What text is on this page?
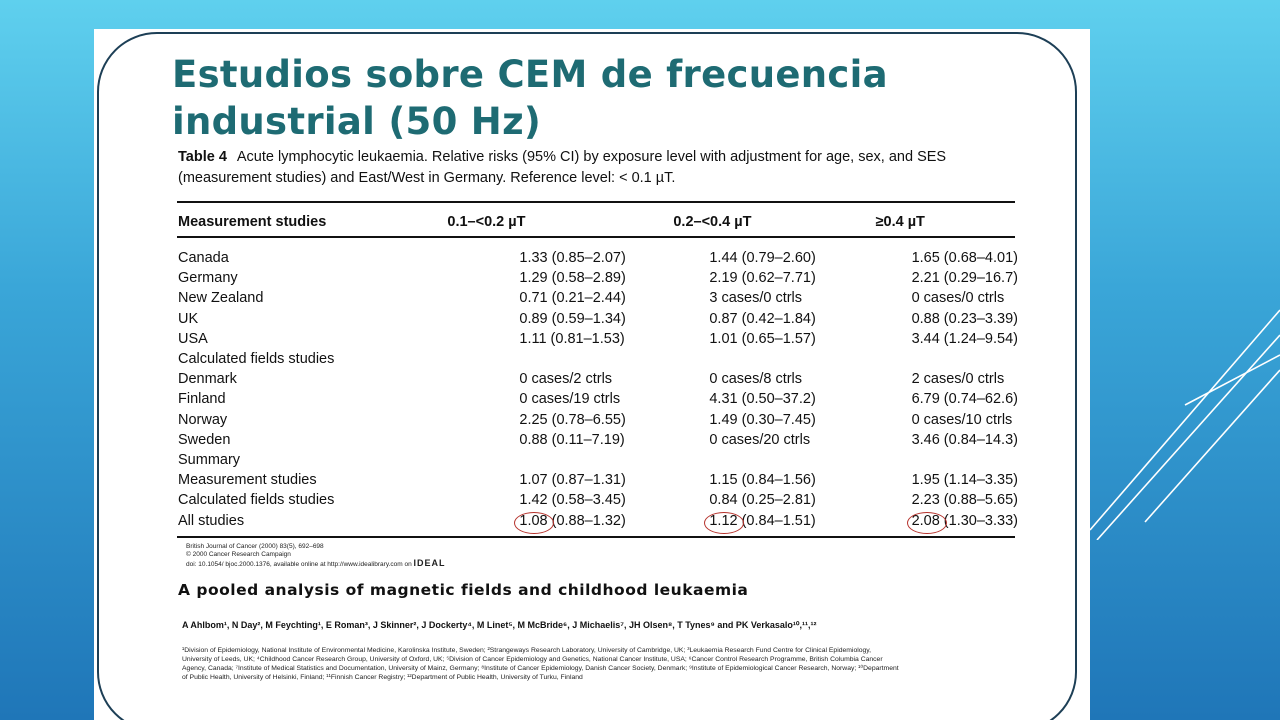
Estudios sobre CEM de frecuencia industrial (50 Hz)
Table 4 Acute lymphocytic leukaemia. Relative risks (95% CI) by exposure level with adjustment for age, sex, and SES (measurement studies) and East/West in Germany. Reference level: < 0.1 µT.
Measurement studies	0.1–<0.2 µT	0.2–<0.4 µT	≥0.4 µT

Canada	1.33 (0.85–2.07)	1.44 (0.79–2.60)	1.65 (0.68–4.01)
Germany	1.29 (0.58–2.89)	2.19 (0.62–7.71)	2.21 (0.29–16.7)
New Zealand	0.71 (0.21–2.44)	3 cases/0 ctrls	0 cases/0 ctrls
UK	0.89 (0.59–1.34)	0.87 (0.42–1.84)	0.88 (0.23–3.39)
USA	1.11 (0.81–1.53)	1.01 (0.65–1.57)	3.44 (1.24–9.54)
Calculated fields studies			
Denmark	0 cases/2 ctrls	0 cases/8 ctrls	2 cases/0 ctrls
Finland	0 cases/19 ctrls	4.31 (0.50–37.2)	6.79 (0.74–62.6)
Norway	2.25 (0.78–6.55)	1.49 (0.30–7.45)	0 cases/10 ctrls
Sweden	0.88 (0.11–7.19)	0 cases/20 ctrls	3.46 (0.84–14.3)
Summary			
Measurement studies	1.07 (0.87–1.31)	1.15 (0.84–1.56)	1.95 (1.14–3.35)
Calculated fields studies	1.42 (0.58–3.45)	0.84 (0.25–2.81)	2.23 (0.88–5.65)
All studies	1.08 (0.88–1.32)	1.12 (0.84–1.51)	2.08 (1.30–3.33)
British Journal of Cancer (2000) 83(5), 692–698
© 2000 Cancer Research Campaign
doi: 10.1054/ bjoc.2000.1376, available online at http://www.idealibrary.com on IDEAL
A pooled analysis of magnetic fields and childhood leukaemia
A Ahlbom¹, N Day², M Feychting¹, E Roman³, J Skinner², J Dockerty⁴, M Linet⁵, M McBride⁶, J Michaelis⁷, JH Olsen⁸, T Tynes⁹ and PK Verkasalo¹⁰,¹¹,¹²
¹Division of Epidemiology, National Institute of Environmental Medicine, Karolinska Institute, Sweden; ²Strangeways Research Laboratory, University of Cambridge, UK; ³Leukaemia Research Fund Centre for Clinical Epidemiology, University of Leeds, UK; ⁴Childhood Cancer Research Group, University of Oxford, UK; ⁵Division of Cancer Epidemiology and Genetics, National Cancer Institute, USA; ⁶Cancer Control Research Programme, British Columbia Cancer Agency, Canada; ⁷Institute of Medical Statistics and Documentation, University of Mainz, Germany; ⁸Institute of Cancer Epidemiology, Danish Cancer Society, Denmark; ⁹Institute of Epidemiological Cancer Research, Norway; ¹⁰Department of Public Health, University of Helsinki, Finland; ¹¹Finnish Cancer Registry; ¹²Department of Public Health, University of Turku, Finland
